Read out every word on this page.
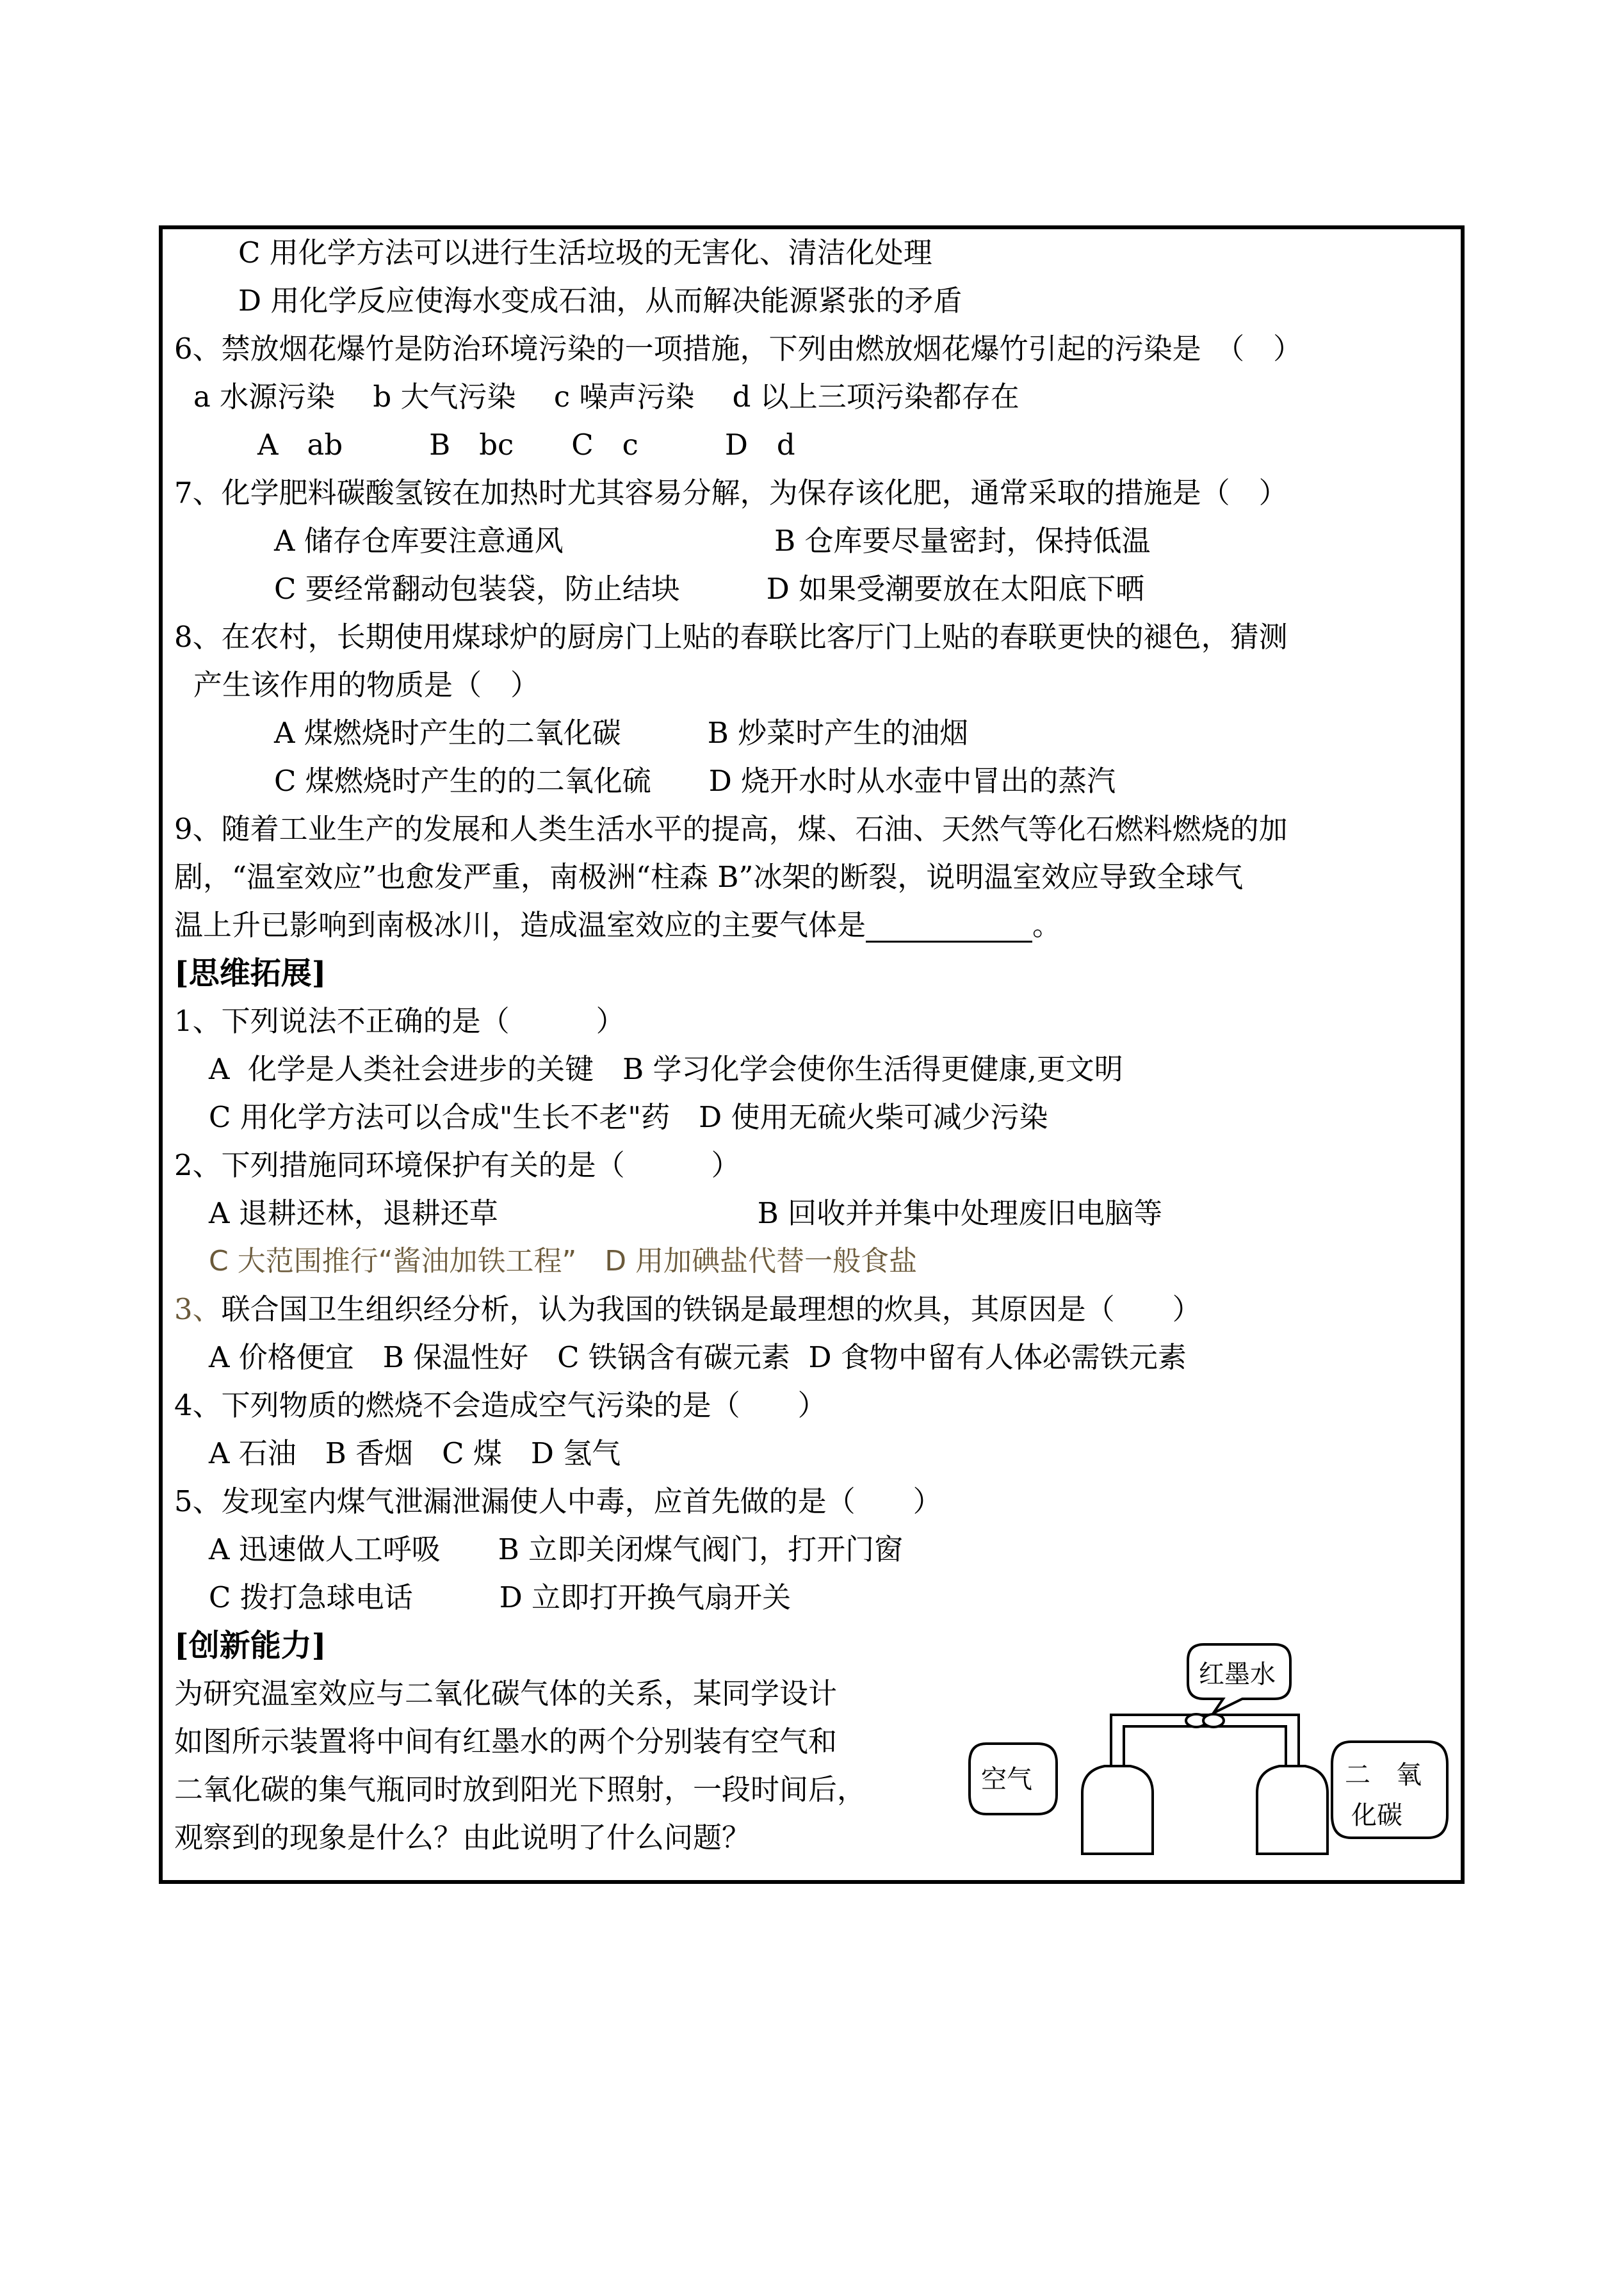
C 用化学方法可以进行生活垃圾的无害化、清洁化处理
D 用化学反应使海水变成石油，从而解决能源紧张的矛盾
6、禁放烟花爆竹是防治环境污染的一项措施，下列由燃放烟花爆竹引起的污染是　（　）
a 水源污染　 b 大气污染　 c 噪声污染　 d 以上三项污染都存在
A　ab　　　B　bc　　C　c　　　D　d
7、化学肥料碳酸氢铵在加热时尤其容易分解，为保存该化肥，通常采取的措施是（　）
A 储存仓库要注意通风　　　　　　　 B 仓库要尽量密封，保持低温
C 要经常翻动包装袋，防止结块　　　D 如果受潮要放在太阳底下晒
8、在农村，长期使用煤球炉的厨房门上贴的春联比客厅门上贴的春联更快的褪色，猜测
产生该作用的物质是（　）
A 煤燃烧时产生的二氧化碳　　　B 炒菜时产生的油烟
C 煤燃烧时产生的的二氧化硫　　D 烧开水时从水壶中冒出的蒸汽
9、随着工业生产的发展和人类生活水平的提高，煤、石油、天然气等化石燃料燃烧的加
剧，“温室效应”也愈发严重，南极洲“柱森 B”冰架的断裂，说明温室效应导致全球气
温上升已影响到南极冰川，造成温室效应的主要气体是	。
[思维拓展]
1、下列说法不正确的是（　　　）
A  化学是人类社会进步的关键　B 学习化学会使你生活得更健康,更文明
C 用化学方法可以合成"生长不老"药　D 使用无硫火柴可减少污染
2、下列措施同环境保护有关的是（　　　）
A 退耕还林，退耕还草　　　　　　　　　B 回收并并集中处理废旧电脑等
C 大范围推行“酱油加铁工程”　D 用加碘盐代替一般食盐
3、联合国卫生组织经分析，认为我国的铁锅是最理想的炊具，其原因是（　　）
A 价格便宜　B 保温性好　C 铁锅含有碳元素  D 食物中留有人体必需铁元素
4、下列物质的燃烧不会造成空气污染的是（　　）
A 石油　B 香烟　C 煤　D 氢气
5、发现室内煤气泄漏泄漏使人中毒，应首先做的是（　　）
A 迅速做人工呼吸　　B 立即关闭煤气阀门，打开门窗
C 拨打急球电话　　　D 立即打开换气扇开关
[创新能力]
为研究温室效应与二氧化碳气体的关系，某同学设计
如图所示装置将中间有红墨水的两个分别装有空气和
二氧化碳的集气瓶同时放到阳光下照射，一段时间后，
观察到的现象是什么？由此说明了什么问题？
红墨水
空气	二　氧
化碳
